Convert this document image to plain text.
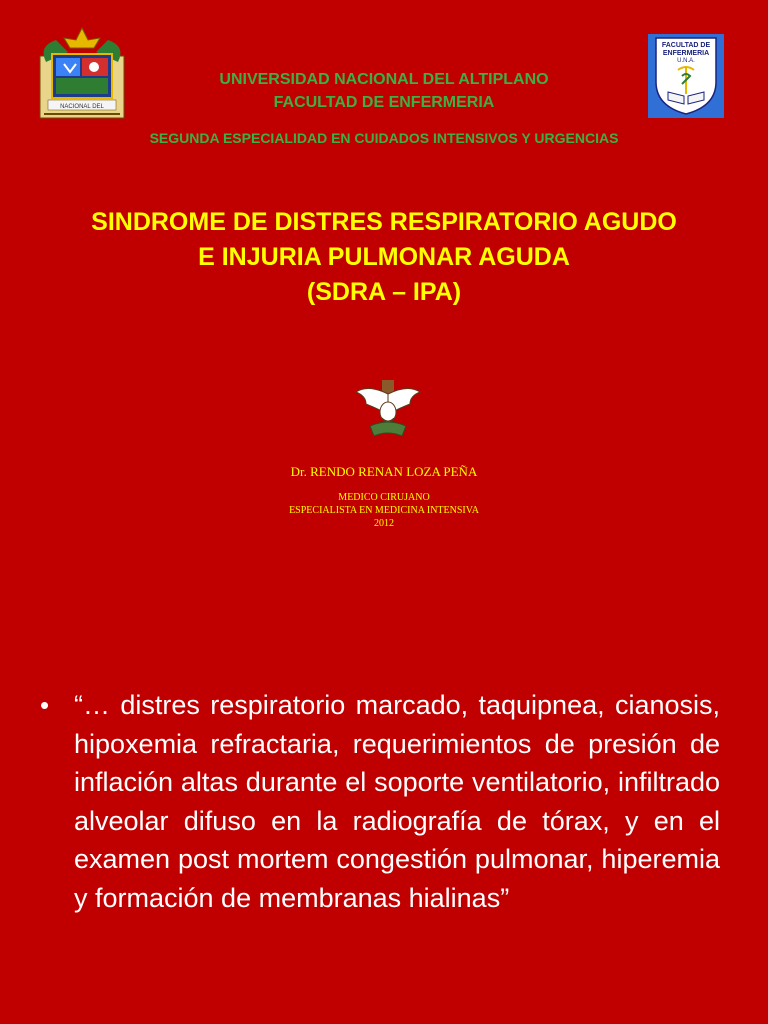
NACIONAL DEL
FACULTAD DE
ENFERMERIA
U.N.A.
UNIVERSIDAD NACIONAL DEL ALTIPLANO
FACULTAD DE ENFERMERIA
SEGUNDA ESPECIALIDAD EN CUIDADOS INTENSIVOS Y URGENCIAS
SINDROME DE DISTRES RESPIRATORIO AGUDO
E INJURIA PULMONAR AGUDA
(SDRA – IPA)
Dr. RENDO RENAN LOZA PEÑA
MEDICO CIRUJANO
ESPECIALISTA EN MEDICINA INTENSIVA
2012
• “… distres respiratorio marcado, taquipnea, cianosis, hipoxemia refractaria, requerimientos de presión de inflación altas durante el soporte ventilatorio, infiltrado alveolar difuso en la radiografía de tórax, y en el examen post mortem congestión pulmonar, hiperemia y formación de membranas hialinas”
